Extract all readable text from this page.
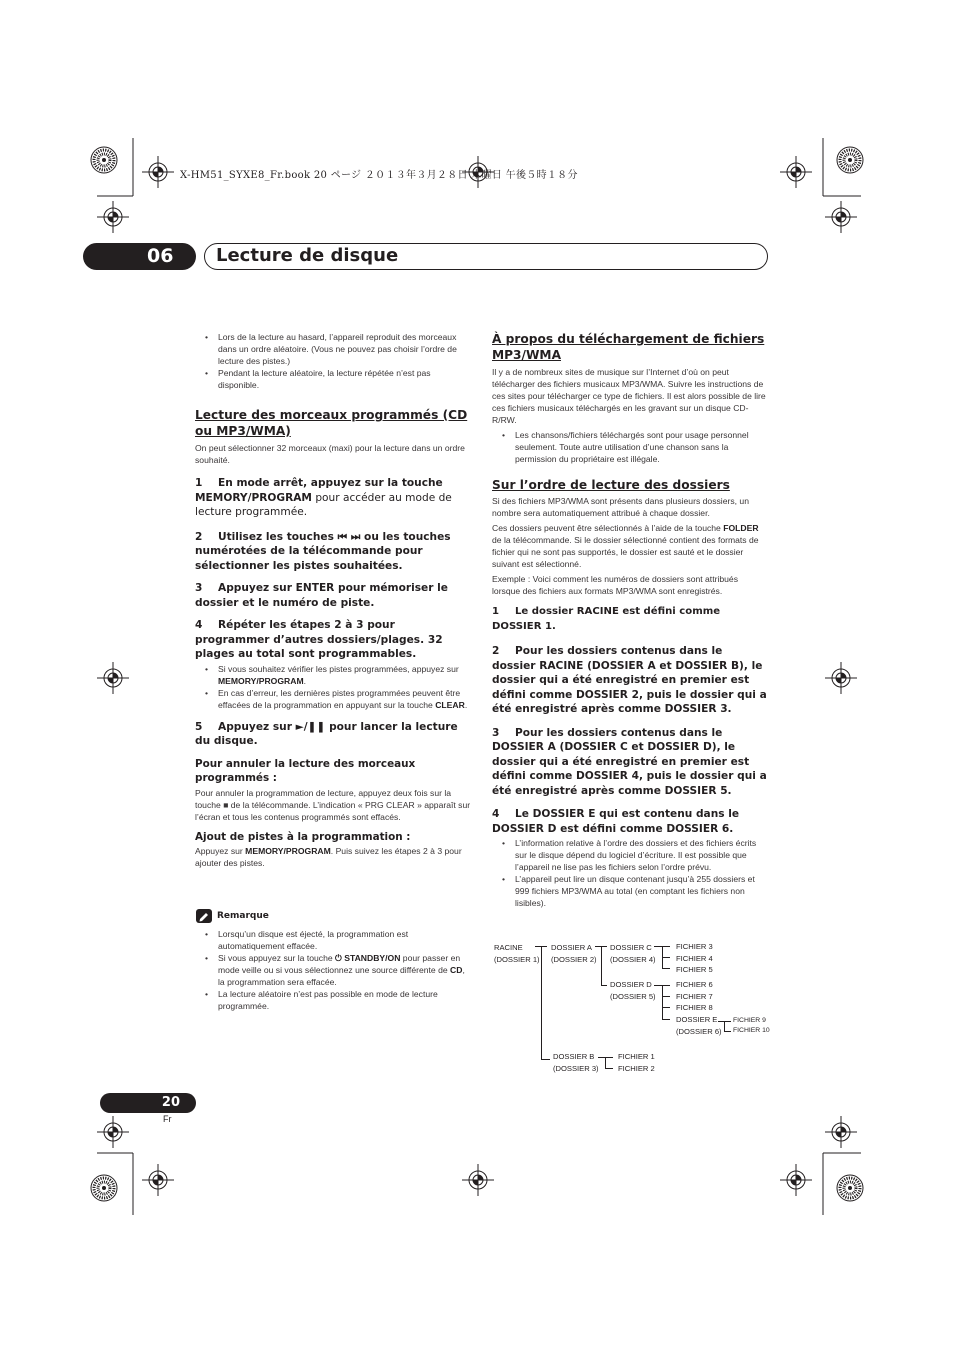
X-HM51_SYXE8_Fr.book 20 ページ ２０１３年３月２８日 木曜日 午後５時１８分
06	Lecture de disque

• Lors de la lecture au hasard, l’appareil reproduit des morceaux dans un ordre aléatoire. (Vous ne pouvez pas choisir l’ordre de lecture des pistes.)

• Pendant la lecture aléatoire, la lecture répétée n’est pas disponible.

Lecture des morceaux programmés (CD ou MP3/WMA)

On peut sélectionner 32 morceaux (maxi) pour la lecture dans un ordre souhaité.

1 En mode arrêt, appuyez sur la touche MEMORY/PROGRAM pour accéder au mode de lecture programmée.

2 Utilisez les touches ⏮ ⏭ ou les touches numérotées de la télécommande pour sélectionner les pistes souhaitées.

3 Appuyez sur ENTER pour mémoriser le dossier et le numéro de piste.

4 Répéter les étapes 2 à 3 pour programmer d’autres dossiers/plages. 32 plages au total sont programmables.

• Si vous souhaitez vérifier les pistes programmées, appuyez sur MEMORY/PROGRAM.

• En cas d’erreur, les dernières pistes programmées peuvent être effacées de la programmation en appuyant sur la touche CLEAR.

5 Appuyez sur ►/❚❚ pour lancer la lecture du disque.

Pour annuler la lecture des morceaux programmés :

Pour annuler la programmation de lecture, appuyez deux fois sur la touche ■ de la télécommande. L’indication « PRG CLEAR » apparaît sur l’écran et tous les contenus programmés sont effacés.

Ajout de pistes à la programmation :

Appuyez sur MEMORY/PROGRAM. Puis suivez les étapes 2 à 3 pour ajouter des pistes.

Remarque

• Lorsqu’un disque est éjecté, la programmation est automatiquement effacée.

• Si vous appuyez sur la touche ⏻ STANDBY/ON pour passer en mode veille ou si vous sélectionnez une source différente de CD, la programmation sera effacée.

• La lecture aléatoire n’est pas possible en mode de lecture programmée.

À propos du téléchargement de fichiers MP3/WMA

Il y a de nombreux sites de musique sur l’Internet d’où on peut télécharger des fichiers musicaux MP3/WMA. Suivre les instructions de ces sites pour télécharger ce type de fichiers. Il est alors possible de lire ces fichiers musicaux téléchargés en les gravant sur un disque CD-R/RW.

• Les chansons/fichiers téléchargés sont pour usage personnel seulement. Toute autre utilisation d’une chanson sans la permission du propriétaire est illégale.

Sur l’ordre de lecture des dossiers

Si des fichiers MP3/WMA sont présents dans plusieurs dossiers, un nombre sera automatiquement attribué à chaque dossier.

Ces dossiers peuvent être sélectionnés à l’aide de la touche FOLDER de la télécommande. Si le dossier sélectionné contient des formats de fichier qui ne sont pas supportés, le dossier est sauté et le dossier suivant est sélectionné.

Exemple : Voici comment les numéros de dossiers sont attribués lorsque des fichiers aux formats MP3/WMA sont enregistrés.

1 Le dossier RACINE est défini comme DOSSIER 1.

2 Pour les dossiers contenus dans le dossier RACINE (DOSSIER A et DOSSIER B), le dossier qui a été enregistré en premier est défini comme DOSSIER 2, puis le dossier qui a été enregistré après comme DOSSIER 3.

3 Pour les dossiers contenus dans le DOSSIER A (DOSSIER C et DOSSIER D), le dossier qui a été enregistré en premier est défini comme DOSSIER 4, puis le dossier qui a été enregistré après comme DOSSIER 5.

4 Le DOSSIER E qui est contenu dans le DOSSIER D est défini comme DOSSIER 6.

• L’information relative à l’ordre des dossiers et des fichiers écrits sur le disque dépend du logiciel d’écriture. Il est possible que l’appareil ne lise pas les fichiers selon l’ordre prévu.

• L’appareil peut lire un disque contenant jusqu’à 255 dossiers et 999 fichiers MP3/WMA au total (en comptant les fichiers non lisibles).

RACINE
(DOSSIER 1)
DOSSIER A
(DOSSIER 2)
DOSSIER C
(DOSSIER 4)
DOSSIER D
(DOSSIER 5)
DOSSIER E
(DOSSIER 6)
DOSSIER B
(DOSSIER 3)
FICHIER 3
FICHIER 4
FICHIER 5
FICHIER 6
FICHIER 7
FICHIER 8
FICHIER 9
FICHIER 10
FICHIER 1
FICHIER 2
20
Fr
